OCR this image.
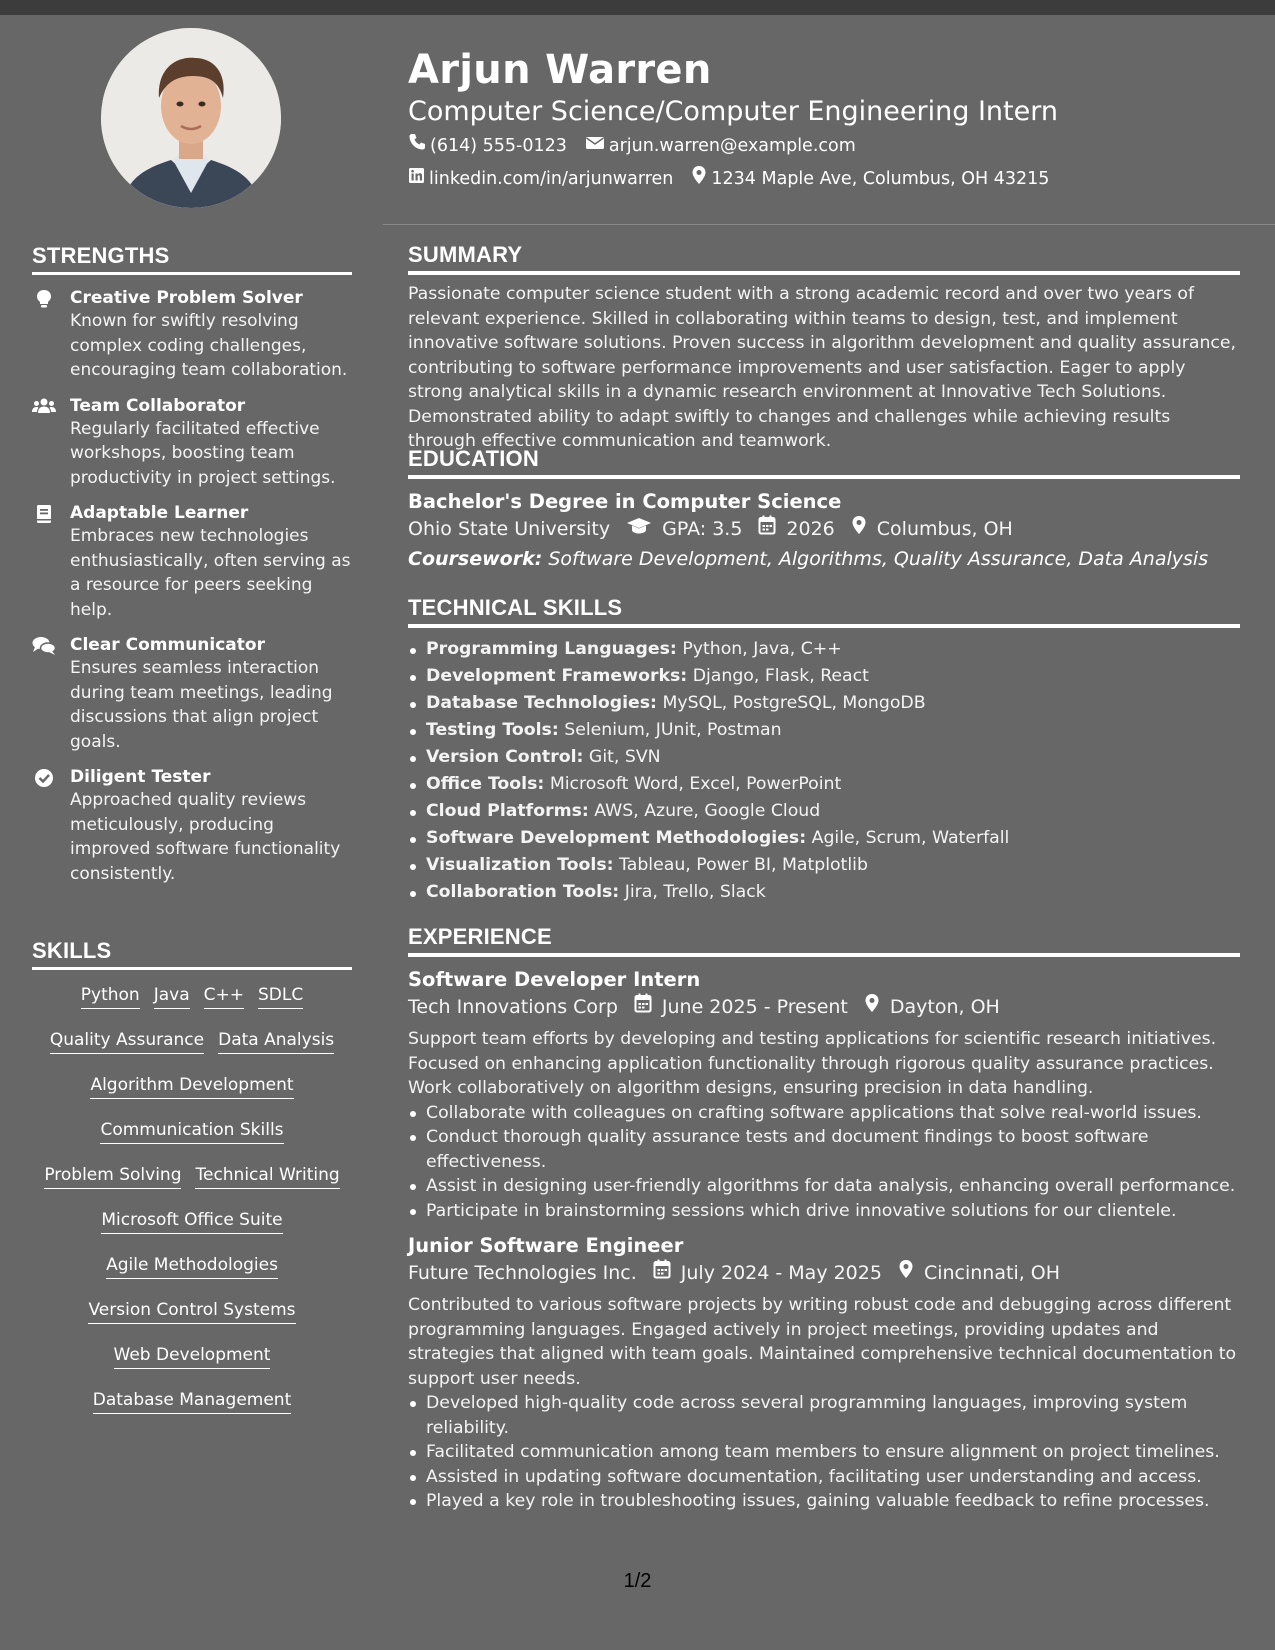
STRENGTHS
Creative Problem Solver
Known for swiftly resolving complex coding challenges, encouraging team collaboration.
Team Collaborator
Regularly facilitated effective workshops, boosting team productivity in project settings.
Adaptable Learner
Embraces new technologies enthusiastically, often serving as a resource for peers seeking help.
Clear Communicator
Ensures seamless interaction during team meetings, leading discussions that align project goals.
Diligent Tester
Approached quality reviews meticulously, producing improved software functionality consistently.
SKILLS
Python Java C++ SDLC
Quality Assurance Data Analysis
Algorithm Development
Communication Skills
Problem Solving Technical Writing
Microsoft Office Suite
Agile Methodologies
Version Control Systems
Web Development
Database Management
Arjun Warren
Computer Science/Computer Engineering Intern
(614) 555-0123 arjun.warren@example.com
linkedin.com/in/arjunwarren 1234 Maple Ave, Columbus, OH 43215
SUMMARY
Passionate computer science student with a strong academic record and over two years of relevant experience. Skilled in collaborating within teams to design, test, and implement innovative software solutions. Proven success in algorithm development and quality assurance, contributing to software performance improvements and user satisfaction. Eager to apply strong analytical skills in a dynamic research environment at Innovative Tech Solutions. Demonstrated ability to adapt swiftly to changes and challenges while achieving results through effective communication and teamwork.
EDUCATION
Bachelor's Degree in Computer Science
Ohio State University	GPA: 3.5 2026 Columbus, OH
Coursework: Software Development, Algorithms, Quality Assurance, Data Analysis
TECHNICAL SKILLS
Programming Languages: Python, Java, C++
Development Frameworks: Django, Flask, React
Database Technologies: MySQL, PostgreSQL, MongoDB
Testing Tools: Selenium, JUnit, Postman
Version Control: Git, SVN
Office Tools: Microsoft Word, Excel, PowerPoint
Cloud Platforms: AWS, Azure, Google Cloud
Software Development Methodologies: Agile, Scrum, Waterfall
Visualization Tools: Tableau, Power BI, Matplotlib
Collaboration Tools: Jira, Trello, Slack
EXPERIENCE
Software Developer Intern
Tech Innovations Corp June 2025 - Present Dayton, OH
Support team efforts by developing and testing applications for scientific research initiatives. Focused on enhancing application functionality through rigorous quality assurance practices. Work collaboratively on algorithm designs, ensuring precision in data handling.
Collaborate with colleagues on crafting software applications that solve real-world issues.
Conduct thorough quality assurance tests and document findings to boost software effectiveness.
Assist in designing user-friendly algorithms for data analysis, enhancing overall performance.
Participate in brainstorming sessions which drive innovative solutions for our clientele.
Junior Software Engineer
Future Technologies Inc. July 2024 - May 2025 Cincinnati, OH
Contributed to various software projects by writing robust code and debugging across different programming languages. Engaged actively in project meetings, providing updates and strategies that aligned with team goals. Maintained comprehensive technical documentation to support user needs.
Developed high-quality code across several programming languages, improving system reliability.
Facilitated communication among team members to ensure alignment on project timelines.
Assisted in updating software documentation, facilitating user understanding and access.
Played a key role in troubleshooting issues, gaining valuable feedback to refine processes.
1/2
